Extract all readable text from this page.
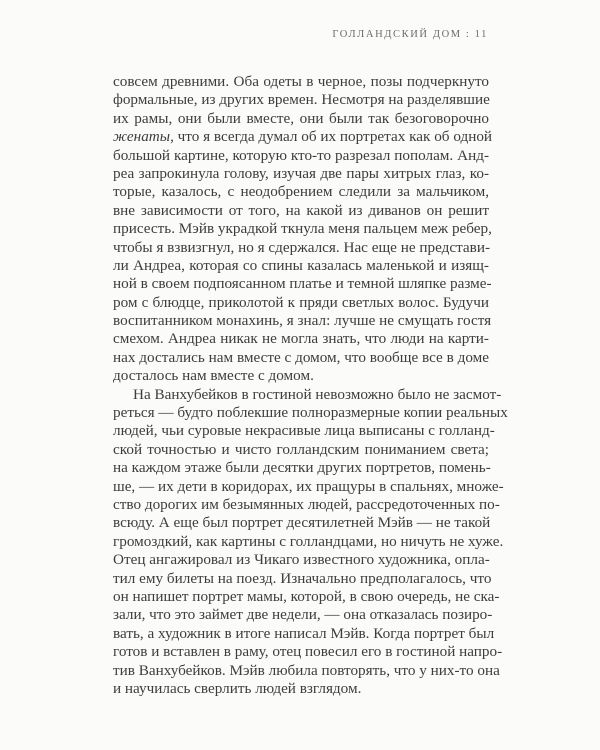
ГОЛЛАНДСКИЙ ДОМ : 11
совсем древними. Оба одеты в черное, позы подчеркнуто
формальные, из других времен. Несмотря на разделявшие
их рамы, они были вместе, они были так безоговорочно
женаты, что я всегда думал об их портретах как об одной
большой картине, которую кто-то разрезал пополам. Анд-
реа запрокинула голову, изучая две пары хитрых глаз, ко-
торые, казалось, с неодобрением следили за мальчиком,
вне зависимости от того, на какой из диванов он решит
присесть. Мэйв украдкой ткнула меня пальцем меж ребер,
чтобы я взвизгнул, но я сдержался. Нас еще не представи-
ли Андреа, которая со спины казалась маленькой и изящ-
ной в своем подпоясанном платье и темной шляпке разме-
ром с блюдце, приколотой к пряди светлых волос. Будучи
воспитанником монахинь, я знал: лучше не смущать гостя
смехом. Андреа никак не могла знать, что люди на карти-
нах достались нам вместе с домом, что вообще все в доме
досталось нам вместе с домом.
На Ванхубейков в гостиной невозможно было не засмот-
реться — будто поблекшие полноразмерные копии реальных
людей, чьи суровые некрасивые лица выписаны с голланд-
ской точностью и чисто голландским пониманием света;
на каждом этаже были десятки других портретов, помень-
ше, — их дети в коридорах, их пращуры в спальнях, множе-
ство дорогих им безымянных людей, рассредоточенных по-
всюду. А еще был портрет десятилетней Мэйв — не такой
громоздкий, как картины с голландцами, но ничуть не хуже.
Отец ангажировал из Чикаго известного художника, опла-
тил ему билеты на поезд. Изначально предполагалось, что
он напишет портрет мамы, которой, в свою очередь, не ска-
зали, что это займет две недели, — она отказалась позиро-
вать, а художник в итоге написал Мэйв. Когда портрет был
готов и вставлен в раму, отец повесил его в гостиной напро-
тив Ванхубейков. Мэйв любила повторять, что у них-то она
и научилась сверлить людей взглядом.
